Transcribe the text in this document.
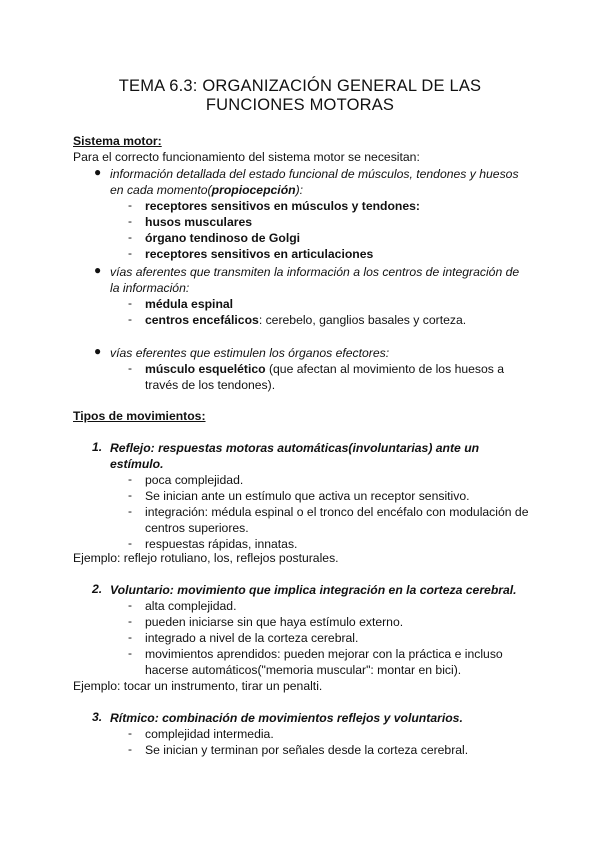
TEMA 6.3: ORGANIZACIÓN GENERAL DE LAS
FUNCIONES MOTORAS
Sistema motor:
Para el correcto funcionamiento del sistema motor se necesitan:
● información detallada del estado funcional de músculos, tendones y huesos
en cada momento(propiocepción):
- receptores sensitivos en músculos y tendones:
- husos musculares
- órgano tendinoso de Golgi
- receptores sensitivos en articulaciones
● vías aferentes que transmiten la información a los centros de integración de
la información:
- médula espinal
- centros encefálicos: cerebelo, ganglios basales y corteza.
● vías eferentes que estimulen los órganos efectores:
- músculo esquelético (que afectan al movimiento de los huesos a
través de los tendones).
Tipos de movimientos:
1. Reflejo: respuestas motoras automáticas(involuntarias) ante un
estímulo.
- poca complejidad.
- Se inician ante un estímulo que activa un receptor sensitivo.
- integración: médula espinal o el tronco del encéfalo con modulación de
centros superiores.
- respuestas rápidas, innatas.
Ejemplo: reflejo rotuliano, los, reflejos posturales.
2. Voluntario: movimiento que implica integración en la corteza cerebral.
- alta complejidad.
- pueden iniciarse sin que haya estímulo externo.
- integrado a nivel de la corteza cerebral.
- movimientos aprendidos: pueden mejorar con la práctica e incluso
hacerse automáticos("memoria muscular": montar en bici).
Ejemplo: tocar un instrumento, tirar un penalti.
3. Rítmico: combinación de movimientos reflejos y voluntarios.
- complejidad intermedia.
- Se inician y terminan por señales desde la corteza cerebral.
